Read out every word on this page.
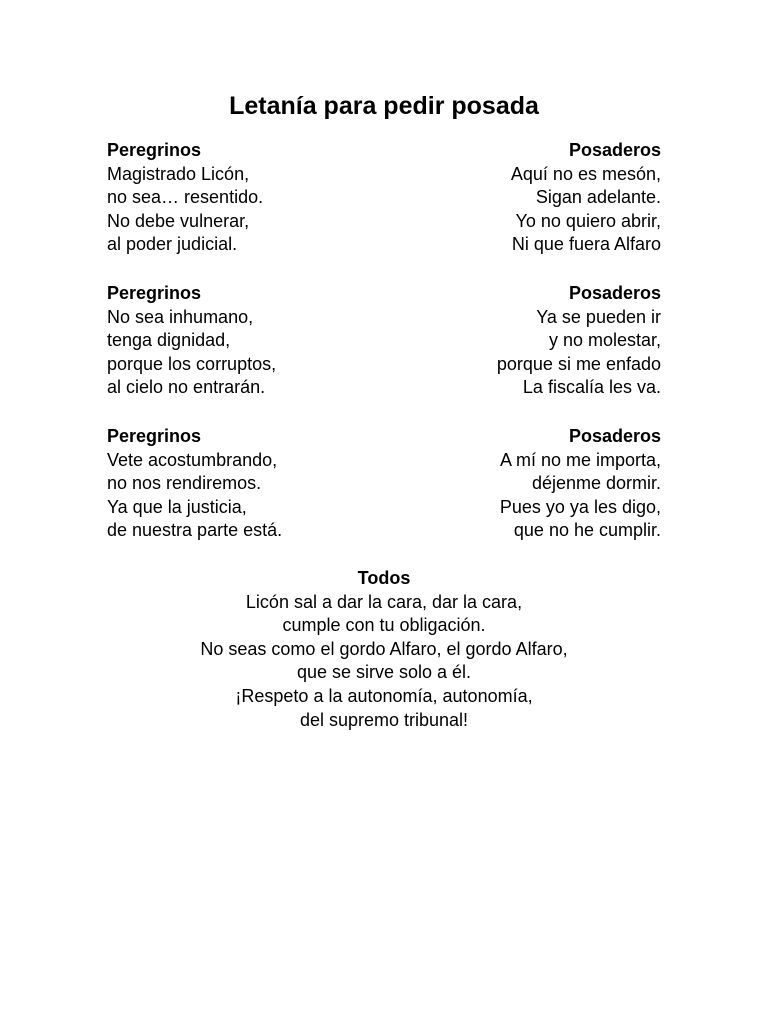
Letanía para pedir posada
Peregrinos
Magistrado Licón,
no sea… resentido.
No debe vulnerar,
al poder judicial.
Posaderos
Aquí no es mesón,
Sigan adelante.
Yo no quiero abrir,
Ni que fuera Alfaro
Peregrinos
No sea inhumano,
tenga dignidad,
porque los corruptos,
al cielo no entrarán.
Posaderos
Ya se pueden ir
y no molestar,
porque si me enfado
La fiscalía les va.
Peregrinos
Vete acostumbrando,
no nos rendiremos.
Ya que la justicia,
de nuestra parte está.
Posaderos
A mí no me importa,
déjenme dormir.
Pues yo ya les digo,
que no he cumplir.
Todos
Licón sal a dar la cara, dar la cara,
cumple con tu obligación.
No seas como el gordo Alfaro, el gordo Alfaro,
que se sirve solo a él.
¡Respeto a la autonomía, autonomía,
del supremo tribunal!
